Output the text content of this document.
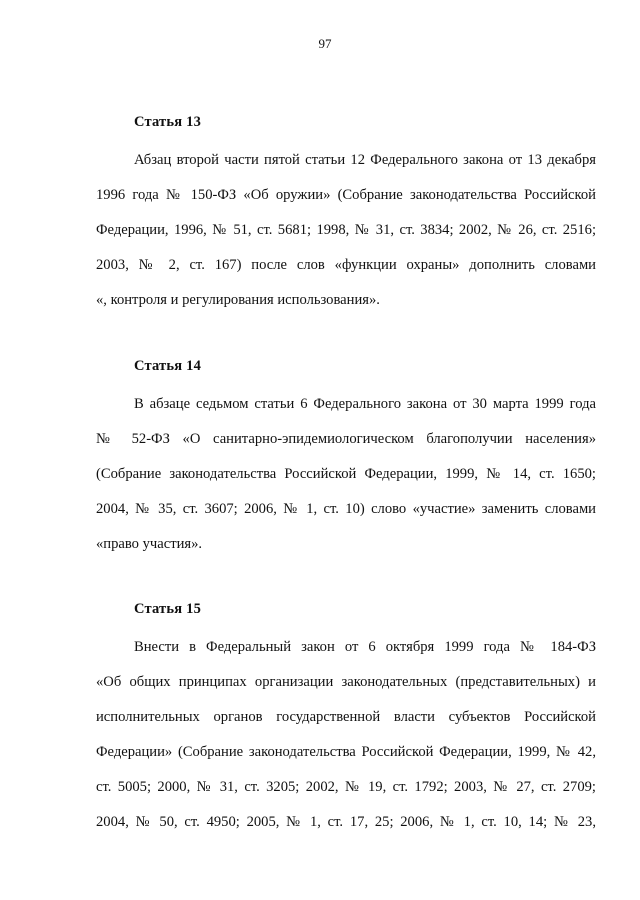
97
Статья 13
Абзац второй части пятой статьи 12 Федерального закона от 13 декабря
1996 года № 150-ФЗ «Об оружии» (Собрание законодательства Российской
Федерации, 1996, № 51, ст. 5681; 1998, № 31, ст. 3834; 2002, № 26, ст. 2516;
2003, № 2, ст. 167) после слов «функции охраны» дополнить словами
«, контроля и регулирования использования».
Статья 14
В абзаце седьмом статьи 6 Федерального закона от 30 марта 1999 года
№ 52-ФЗ «О санитарно-эпидемиологическом благополучии населения»
(Собрание законодательства Российской Федерации, 1999, № 14, ст. 1650;
2004, № 35, ст. 3607; 2006, № 1, ст. 10) слово «участие» заменить словами
«право участия».
Статья 15
Внести в Федеральный закон от 6 октября 1999 года № 184-ФЗ
«Об общих принципах организации законодательных (представительных) и
исполнительных органов государственной власти субъектов Российской
Федерации» (Собрание законодательства Российской Федерации, 1999, № 42,
ст. 5005; 2000, № 31, ст. 3205; 2002, № 19, ст. 1792; 2003, № 27, ст. 2709;
2004, № 50, ст. 4950; 2005, № 1, ст. 17, 25; 2006, № 1, ст. 10, 14; № 23,
